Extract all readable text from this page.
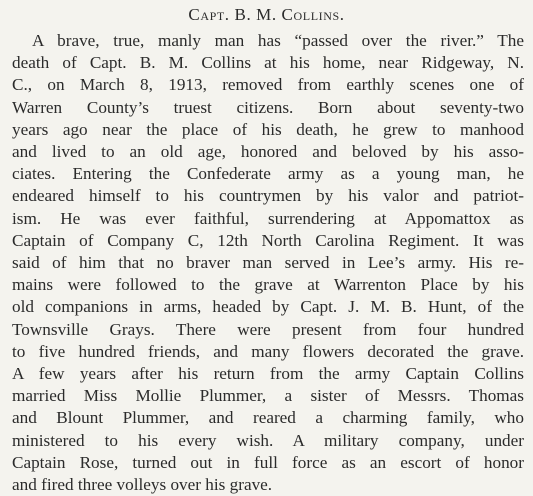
Capt. B. M. Collins.
A brave, true, manly man has “passed over the river.” The
death of Capt. B. M. Collins at his home, near Ridgeway, N.
C., on March 8, 1913, removed from earthly scenes one of
Warren County’s truest citizens. Born about seventy-two
years ago near the place of his death, he grew to manhood
and lived to an old age, honored and beloved by his asso-
ciates. Entering the Confederate army as a young man, he
endeared himself to his countrymen by his valor and patriot-
ism. He was ever faithful, surrendering at Appomattox as
Captain of Company C, 12th North Carolina Regiment. It was
said of him that no braver man served in Lee’s army. His re-
mains were followed to the grave at Warrenton Place by his
old companions in arms, headed by Capt. J. M. B. Hunt, of the
Townsville Grays. There were present from four hundred
to five hundred friends, and many flowers decorated the grave.
A few years after his return from the army Captain Collins
married Miss Mollie Plummer, a sister of Messrs. Thomas
and Blount Plummer, and reared a charming family, who
ministered to his every wish. A military company, under
Captain Rose, turned out in full force as an escort of honor
and fired three volleys over his grave.
